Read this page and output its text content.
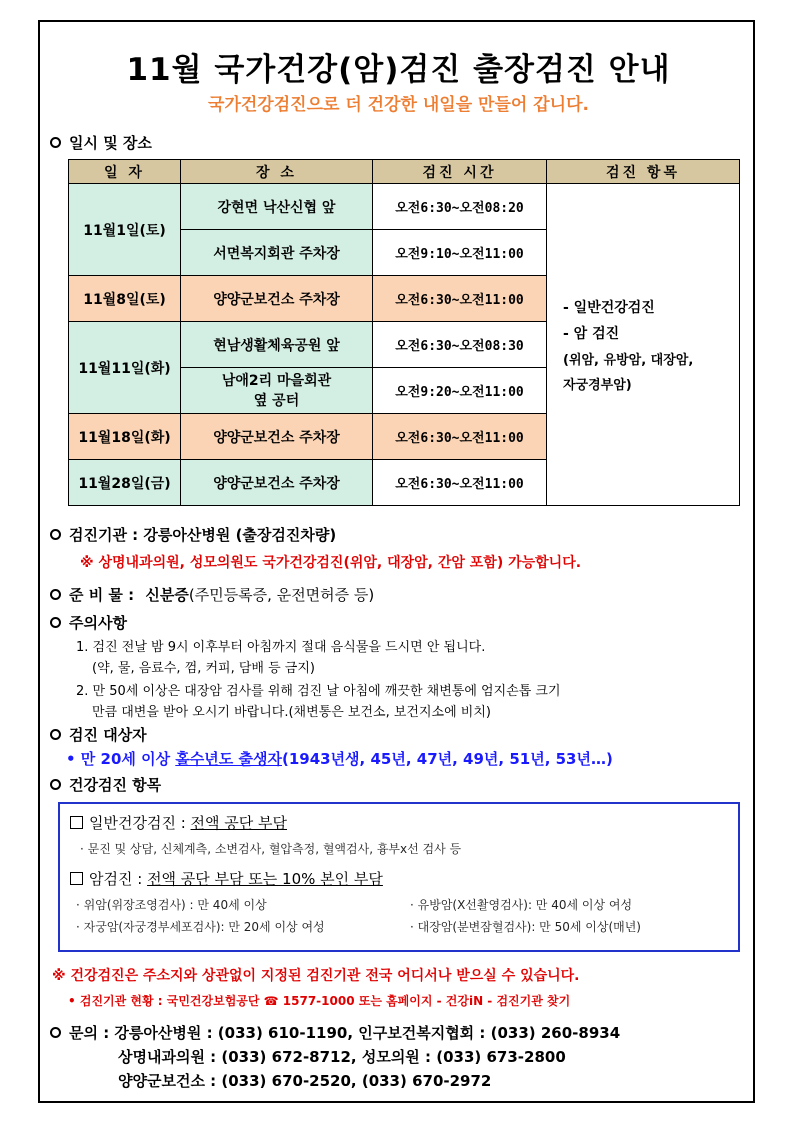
11월 국가건강(암)검진 출장검진 안내
국가건강검진으로 더 건강한 내일을 만들어 갑니다.
일시 및 장소
일 자	장 소	검진 시간	검진 항목
11월1일(토)	강현면 낙산신협 앞	오전6:30~오전08:20	- 일반건강검진
- 암 검진
(위암, 유방암, 대장암,
자궁경부암)

	서면복지회관 주차장	오전9:10~오전11:00	
11월8일(토)	양양군보건소 주차장	오전6:30~오전11:00	
11월11일(화)	현남생활체육공원 앞	오전6:30~오전08:30	
	남애2리 마을회관
옆 공터	오전9:20~오전11:00	
11월18일(화)	양양군보건소 주차장	오전6:30~오전11:00	
11월28일(금)	양양군보건소 주차장	오전6:30~오전11:00	
검진기관 : 강릉아산병원 (출장검진차량)
※ 상명내과의원, 성모의원도 국가건강검진(위암, 대장암, 간암 포함) 가능합니다.
준 비 물 : 신분증(주민등록증, 운전면허증 등)
주의사항
1. 검진 전날 밤 9시 이후부터 아침까지 절대 음식물을 드시면 안 됩니다.
(약, 물, 음료수, 껌, 커피, 담배 등 금지)
2. 만 50세 이상은 대장암 검사를 위해 검진 날 아침에 깨끗한 채변통에 엄지손톱 크기
만큼 대변을 받아 오시기 바랍니다.(채변통은 보건소, 보건지소에 비치)
검진 대상자
• 만 20세 이상 홀수년도 출생자(1943년생, 45년, 47년, 49년, 51년, 53년…)
건강검진 항목
일반건강검진 : 전액 공단 부담
· 문진 및 상담, 신체계측, 소변검사, 혈압측정, 혈액검사, 흉부x선 검사 등
암검진 : 전액 공단 부담 또는 10% 본인 부담
· 위암(위장조영검사) : 만 40세 이상	· 유방암(X선촬영검사): 만 40세 이상 여성
· 자궁암(자궁경부세포검사): 만 20세 이상 여성	· 대장암(분변잠혈검사): 만 50세 이상(매년)
※ 건강검진은 주소지와 상관없이 지정된 검진기관 전국 어디서나 받으실 수 있습니다.
• 검진기관 현황 : 국민건강보험공단 ☎ 1577-1000 또는 홈페이지 - 건강iN - 검진기관 찾기
문의 : 강릉아산병원 : (033) 610-1190, 인구보건복지협회 : (033) 260-8934
상명내과의원 : (033) 672-8712, 성모의원 : (033) 673-2800
양양군보건소 : (033) 670-2520, (033) 670-2972
